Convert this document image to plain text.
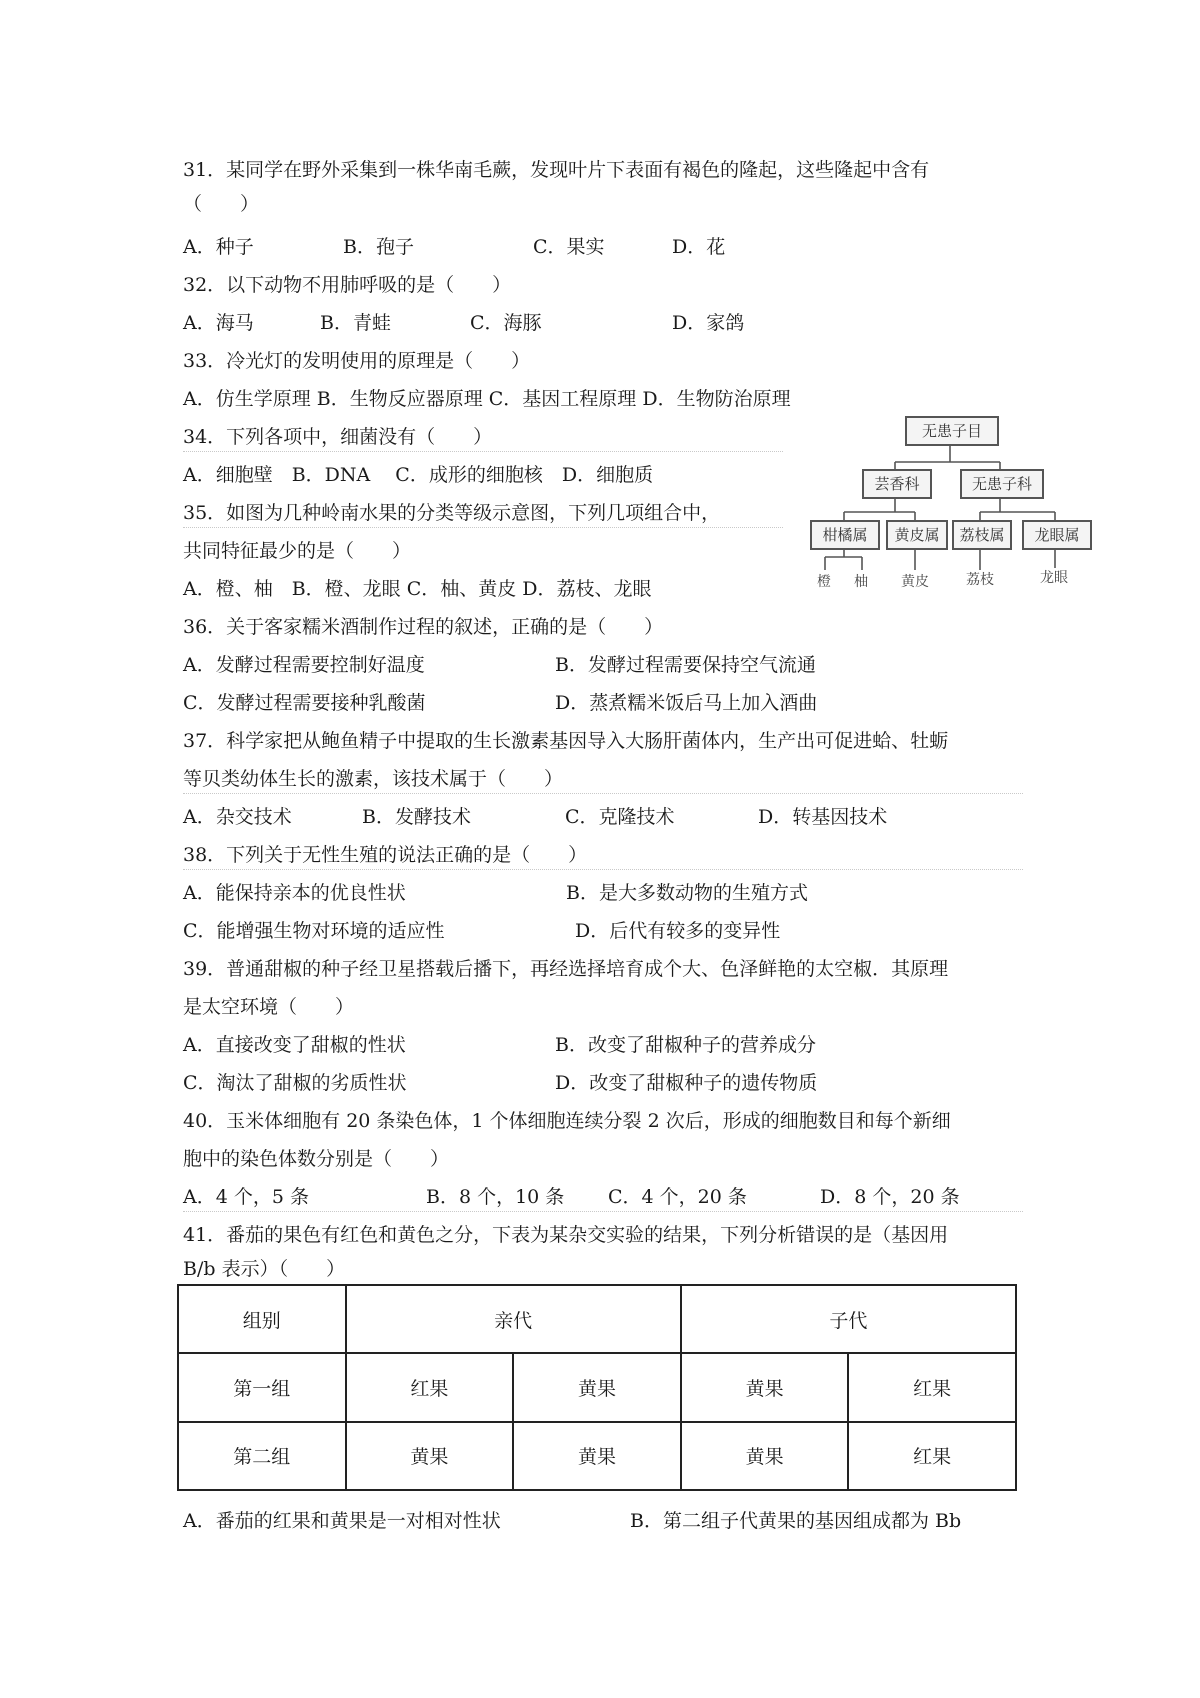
31．某同学在野外采集到一株华南毛蕨，发现叶片下表面有褐色的隆起，这些隆起中含有
（　　）
A．种子	B．孢子	C．果实	D．花
32．以下动物不用肺呼吸的是（　　）
A．海马	B．青蛙	C．海豚	D．家鸽
33．冷光灯的发明使用的原理是（　　）
A．仿生学原理 B．生物反应器原理 C．基因工程原理 D．生物防治原理
34．下列各项中，细菌没有（　　）
A．细胞壁　B．DNA　 C．成形的细胞核　D．细胞质
35．如图为几种岭南水果的分类等级示意图，下列几项组合中，
共同特征最少的是（　　）
A．橙、柚　B．橙、龙眼 C．柚、黄皮 D．荔枝、龙眼
无患子目
芸香科	无患子科
柑橘属	黄皮属	荔枝属	龙眼属
橙 柚 黄皮	荔枝	龙眼
36．关于客家糯米酒制作过程的叙述，正确的是（　　）
A．发酵过程需要控制好温度	B．发酵过程需要保持空气流通
C．发酵过程需要接种乳酸菌	D．蒸煮糯米饭后马上加入酒曲
37．科学家把从鲍鱼精子中提取的生长激素基因导入大肠肝菌体内，生产出可促进蛤、牡蛎
等贝类幼体生长的激素，该技术属于（　　）
A．杂交技术	B．发酵技术	C．克隆技术	D．转基因技术
38．下列关于无性生殖的说法正确的是（　　）
A．能保持亲本的优良性状	B．是大多数动物的生殖方式
C．能增强生物对环境的适应性	D．后代有较多的变异性
39．普通甜椒的种子经卫星搭载后播下，再经选择培育成个大、色泽鲜艳的太空椒．其原理
是太空环境（　　）
A．直接改变了甜椒的性状	B．改变了甜椒种子的营养成分
C．淘汰了甜椒的劣质性状	D．改变了甜椒种子的遗传物质
40．玉米体细胞有 20 条染色体，1 个体细胞连续分裂 2 次后，形成的细胞数目和每个新细
胞中的染色体数分别是（　　）
A．4 个，5 条	B．8 个，10 条 C．4 个，20 条	D．8 个，20 条
41．番茄的果色有红色和黄色之分，下表为某杂交实验的结果，下列分析错误的是（基因用
B/b 表示）（　　）
组别	亲代		子代	
第一组	红果	黄果	黄果	红果
第二组	黄果	黄果	黄果	红果
A．番茄的红果和黄果是一对相对性状	B．第二组子代黄果的基因组成都为 Bb
